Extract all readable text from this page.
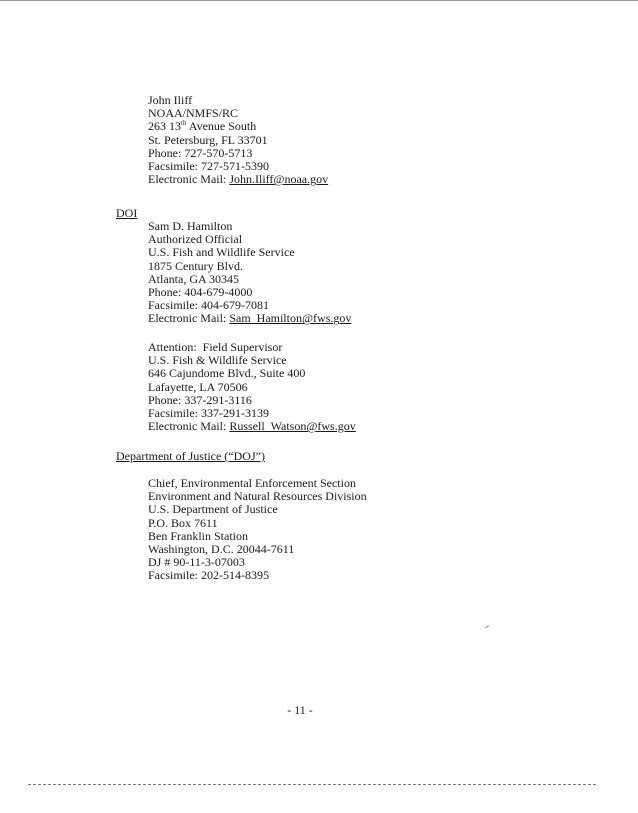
John Iliff
NOAA/NMFS/RC
263 13th Avenue South
St. Petersburg, FL 33701
Phone: 727-570-5713
Facsimile: 727-571-5390
Electronic Mail: John.Iliff@noaa.gov
DOI
Sam D. Hamilton
Authorized Official
U.S. Fish and Wildlife Service
1875 Century Blvd.
Atlanta, GA 30345
Phone: 404-679-4000
Facsimile: 404-679-7081
Electronic Mail: Sam_Hamilton@fws.gov
Attention:  Field Supervisor
U.S. Fish & Wildlife Service
646 Cajundome Blvd., Suite 400
Lafayette, LA 70506
Phone: 337-291-3116
Facsimile: 337-291-3139
Electronic Mail: Russell_Watson@fws.gov
Department of Justice (“DOJ”)
Chief, Environmental Enforcement Section
Environment and Natural Resources Division
U.S. Department of Justice
P.O. Box 7611
Ben Franklin Station
Washington, D.C. 20044-7611
DJ # 90-11-3-07003
Facsimile: 202-514-8395
- 11 -
